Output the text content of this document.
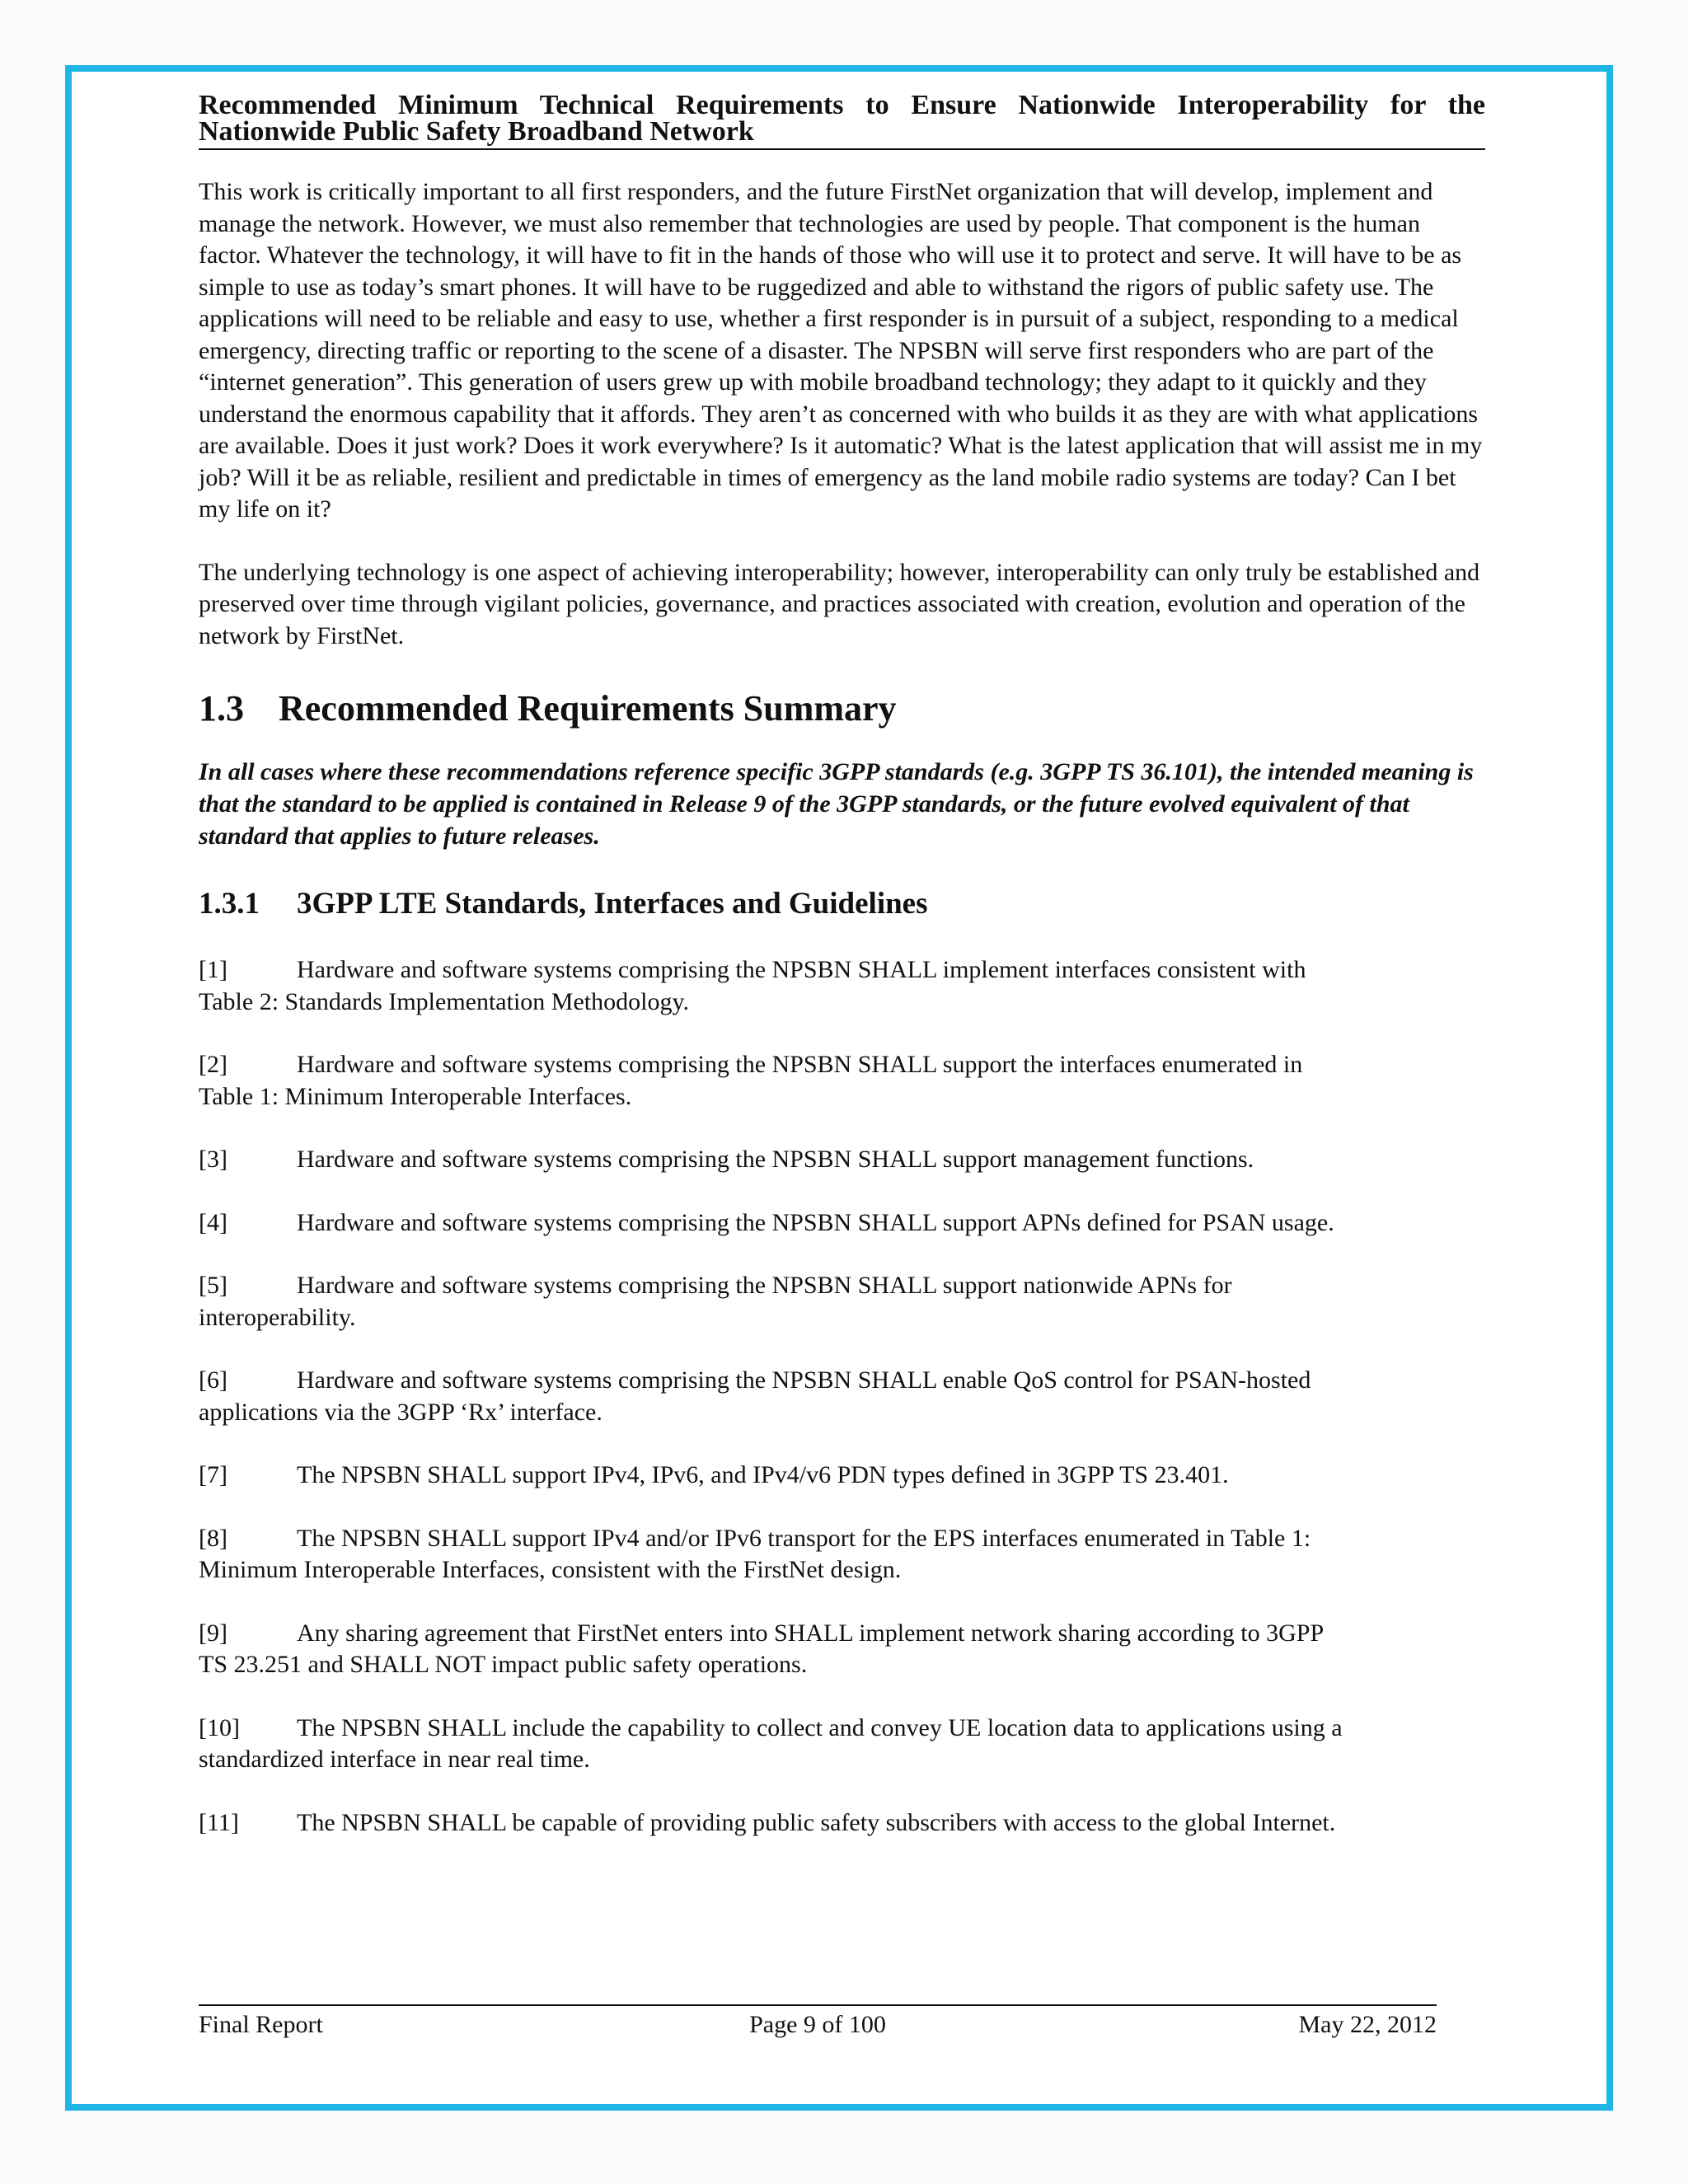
Recommended Minimum Technical Requirements to Ensure Nationwide Interoperability for the Nationwide Public Safety Broadband Network

This work is critically important to all first responders, and the future FirstNet organization that will develop, implement and manage the network. However, we must also remember that technologies are used by people. That component is the human factor. Whatever the technology, it will have to fit in the hands of those who will use it to protect and serve. It will have to be as simple to use as today’s smart phones. It will have to be ruggedized and able to withstand the rigors of public safety use. The applications will need to be reliable and easy to use, whether a first responder is in pursuit of a subject, responding to a medical emergency, directing traffic or reporting to the scene of a disaster. The NPSBN will serve first responders who are part of the “internet generation”. This generation of users grew up with mobile broadband technology; they adapt to it quickly and they understand the enormous capability that it affords. They aren’t as concerned with who builds it as they are with what applications are available. Does it just work? Does it work everywhere? Is it automatic? What is the latest application that will assist me in my job? Will it be as reliable, resilient and predictable in times of emergency as the land mobile radio systems are today? Can I bet my life on it?

The underlying technology is one aspect of achieving interoperability; however, interoperability can only truly be established and preserved over time through vigilant policies, governance, and practices associated with creation, evolution and operation of the network by FirstNet.

1.3 Recommended Requirements Summary

In all cases where these recommendations reference specific 3GPP standards (e.g. 3GPP TS 36.101), the intended meaning is that the standard to be applied is contained in Release 9 of the 3GPP standards, or the future evolved equivalent of that standard that applies to future releases.

1.3.1 3GPP LTE Standards, Interfaces and Guidelines

[1]	Hardware and software systems comprising the NPSBN SHALL implement interfaces consistent with
Table 2: Standards Implementation Methodology.

[2]	Hardware and software systems comprising the NPSBN SHALL support the interfaces enumerated in
Table 1: Minimum Interoperable Interfaces.

[3]	Hardware and software systems comprising the NPSBN SHALL support management functions.

[4]	Hardware and software systems comprising the NPSBN SHALL support APNs defined for PSAN usage.

[5]	Hardware and software systems comprising the NPSBN SHALL support nationwide APNs for
interoperability.

[6]	Hardware and software systems comprising the NPSBN SHALL enable QoS control for PSAN-hosted
applications via the 3GPP ‘Rx’ interface.

[7]	The NPSBN SHALL support IPv4, IPv6, and IPv4/v6 PDN types defined in 3GPP TS 23.401.

[8]	The NPSBN SHALL support IPv4 and/or IPv6 transport for the EPS interfaces enumerated in Table 1:
Minimum Interoperable Interfaces, consistent with the FirstNet design.

[9]	Any sharing agreement that FirstNet enters into SHALL implement network sharing according to 3GPP
TS 23.251 and SHALL NOT impact public safety operations.

[10] The NPSBN SHALL include the capability to collect and convey UE location data to applications using a
standardized interface in near real time.

[11] The NPSBN SHALL be capable of providing public safety subscribers with access to the global Internet.

Final Report	Page 9 of 100	May 22, 2012
